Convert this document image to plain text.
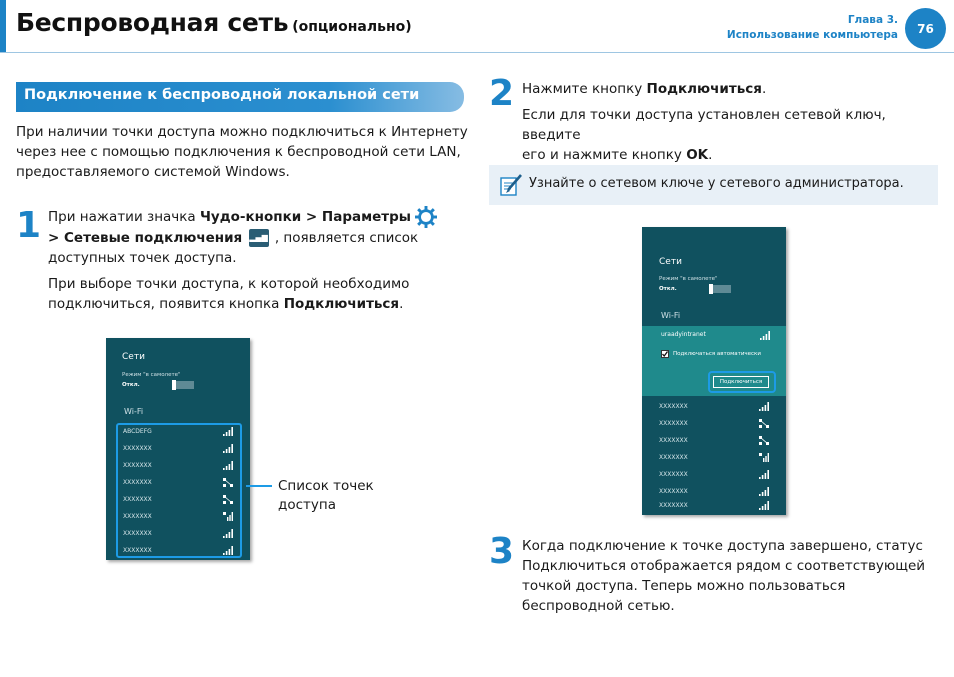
Беспроводная сеть (опционально)	Глава 3.
Использование компьютера	76
Подключение к беспроводной локальной сети
При наличии точки доступа можно подключиться к Интернету
через нее с помощью подключения к беспроводной сети LAN,
предоставляемого системой Windows.
1 При нажатии значка Чудо-кнопки > Параметры
> Сетевые подключения ▂▄▆ , появляется список
доступных точек доступа.
При выборе точки доступа, к которой необходимо
подключиться, появится кнопка Подключиться.
Сети
Режим "в самолете"
Откл.
Wi-Fi
ABCDEFG
XXXXXXX
XXXXXXX
XXXXXXX
XXXXXXX
XXXXXXX
XXXXXXX
XXXXXXX
Список точек
доступа
2 Нажмите кнопку Подключиться.
Если для точки доступа установлен сетевой ключ, введите
его и нажмите кнопку OK.
Узнайте о сетевом ключе у сетевого администратора.
Сети
Режим "в самолете"
Откл.
Wi-Fi
uraadyintranet
Подключаться автоматически
Подключиться
XXXXXXX
XXXXXXX
XXXXXXX
XXXXXXX
XXXXXXX
XXXXXXX
XXXXXXX
3 Когда подключение к точке доступа завершено, статус
Подключиться отображается рядом с соответствующей
точкой доступа. Теперь можно пользоваться
беспроводной сетью.
